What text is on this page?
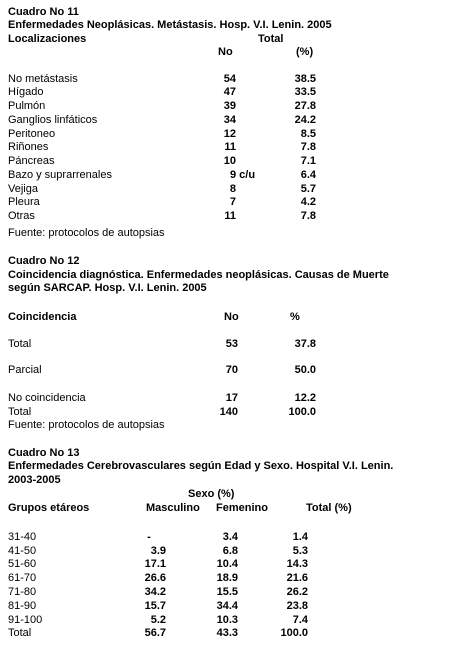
Cuadro No 11
Enfermedades Neoplásicas. Metástasis. Hosp. V.I. Lenin. 2005
Localizaciones	Total
No	(%)
No metástasis	54	38.5
Hígado	47	33.5
Pulmón	39	27.8
Ganglios linfáticos	34	24.2
Peritoneo	12	8.5
Riñones	11	7.8
Páncreas	10	7.1
Bazo y suprarrenales	9 c/u	6.4
Vejiga	8	5.7
Pleura	7	4.2
Otras	11	7.8
Fuente: protocolos de autopsias
Cuadro No 12
Coincidencia diagnóstica. Enfermedades neoplásicas. Causas de Muerte
según SARCAP. Hosp. V.I. Lenin. 2005
Coincidencia	No	%
Total	53	37.8
Parcial	70	50.0
No coincidencia	17	12.2
Total	140	100.0
Fuente: protocolos de autopsias
Cuadro No 13
Enfermedades Cerebrovasculares según Edad y Sexo. Hospital V.I. Lenin.
2003-2005
Sexo (%)
Grupos etáreos	Masculino Femenino	Total (%)
31-40	-	3.4	1.4
41-50	3.9	6.8	5.3
51-60	17.1	10.4	14.3
61-70	26.6	18.9	21.6
71-80	34.2	15.5	26.2
81-90	15.7	34.4	23.8
91-100	5.2	10.3	7.4
Total	56.7	43.3	100.0
